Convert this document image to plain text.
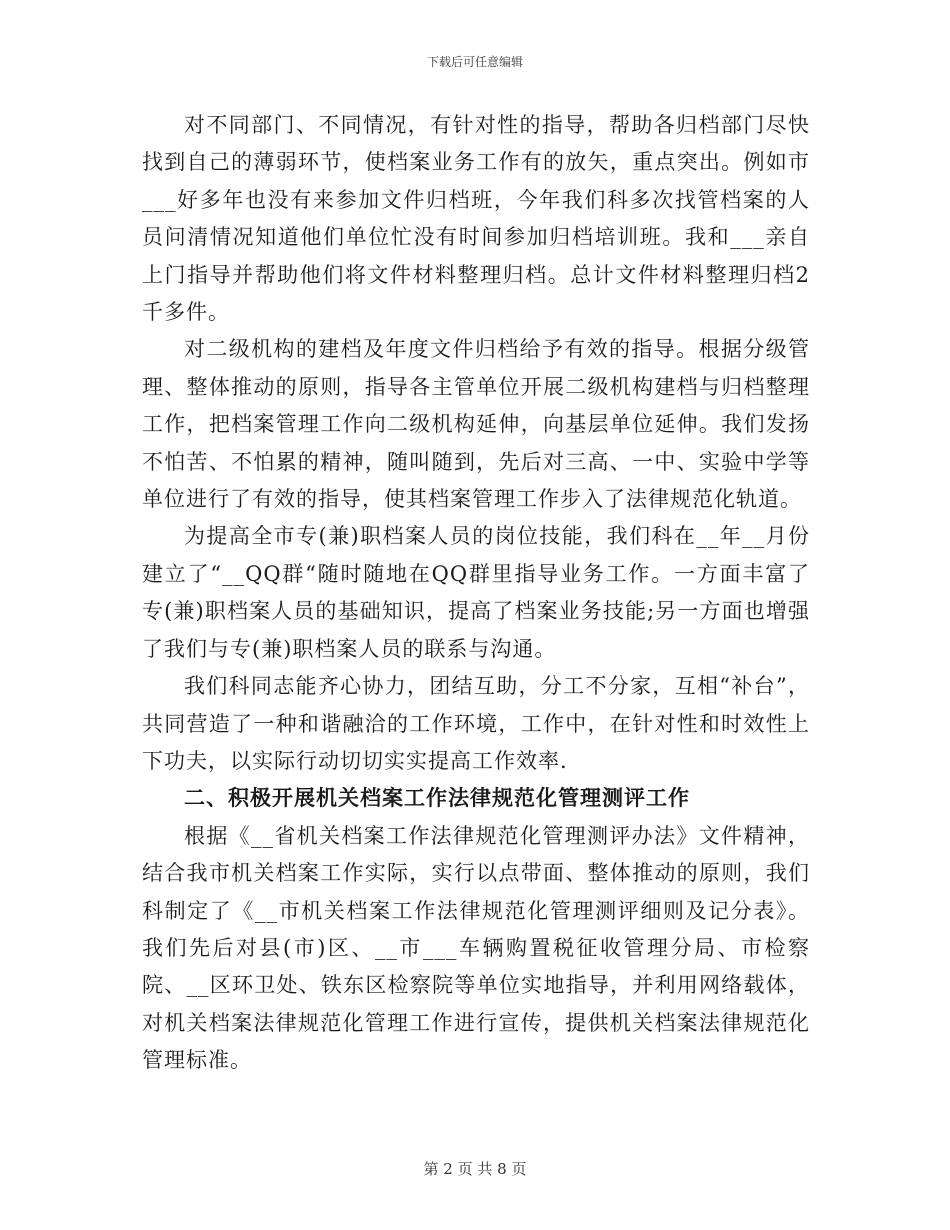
下载后可任意编辑

对不同部门、不同情况，有针对性的指导，帮助各归档部门尽快找到自己的薄弱环节，使档案业务工作有的放矢，重点突出。例如市___好多年也没有来参加文件归档班，今年我们科多次找管档案的人员问清情况知道他们单位忙没有时间参加归档培训班。我和___亲自上门指导并帮助他们将文件材料整理归档。总计文件材料整理归档2千多件。

对二级机构的建档及年度文件归档给予有效的指导。根据分级管理、整体推动的原则，指导各主管单位开展二级机构建档与归档整理工作，把档案管理工作向二级机构延伸，向基层单位延伸。我们发扬不怕苦、不怕累的精神，随叫随到，先后对三高、一中、实验中学等单位进行了有效的指导，使其档案管理工作步入了法律规范化轨道。

为提高全市专(兼)职档案人员的岗位技能，我们科在__年__月份建立了“__QQ群“随时随地在QQ群里指导业务工作。一方面丰富了专(兼)职档案人员的基础知识，提高了档案业务技能;另一方面也增强了我们与专(兼)职档案人员的联系与沟通。

我们科同志能齐心协力，团结互助，分工不分家，互相“补台”，共同营造了一种和谐融洽的工作环境，工作中，在针对性和时效性上下功夫，以实际行动切切实实提高工作效率.

二、积极开展机关档案工作法律规范化管理测评工作

根据《__省机关档案工作法律规范化管理测评办法》文件精神，结合我市机关档案工作实际，实行以点带面、整体推动的原则，我们科制定了《__市机关档案工作法律规范化管理测评细则及记分表》。我们先后对县(市)区、__市___车辆购置税征收管理分局、市检察院、__区环卫处、铁东区检察院等单位实地指导，并利用网络载体，对机关档案法律规范化管理工作进行宣传，提供机关档案法律规范化管理标准。

第 2 页 共 8 页
